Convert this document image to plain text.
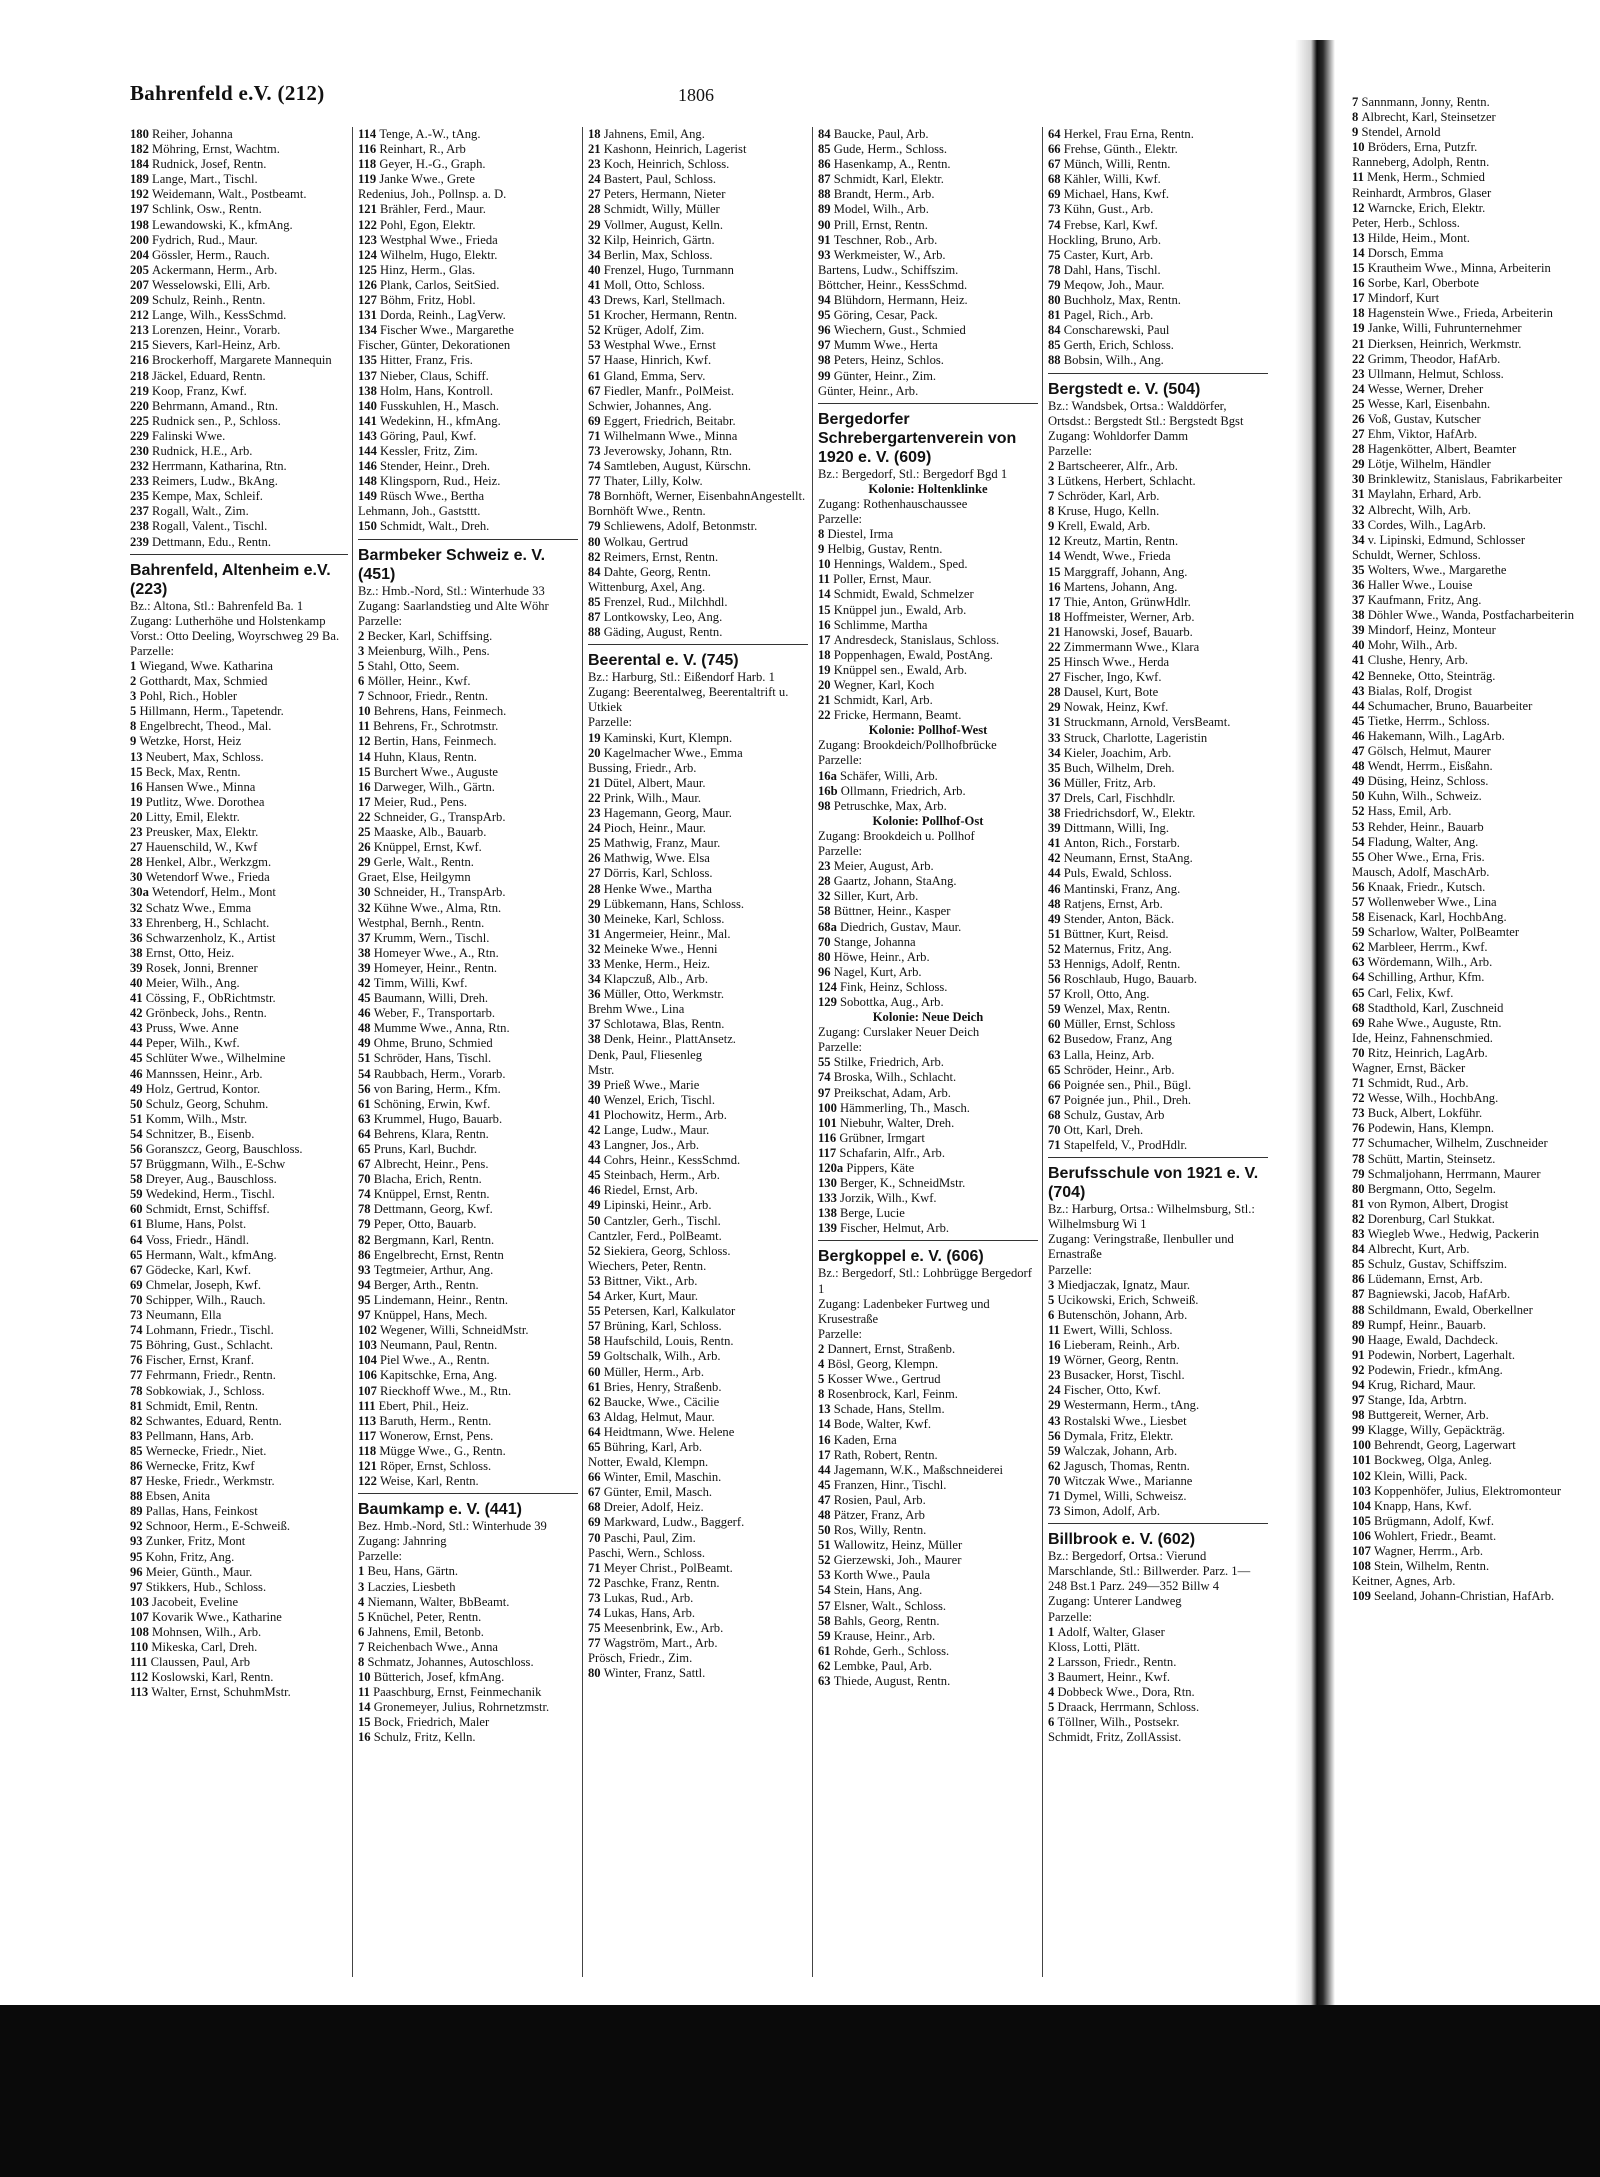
Bahrenfeld e.V. (212)	1806
180 Reiher, Johanna
182 Möhring, Ernst, Wachtm.
184 Rudnick, Josef, Rentn.
189 Lange, Mart., Tischl.
192 Weidemann, Walt., Postbeamt.
197 Schlink, Osw., Rentn.
198 Lewandowski, K., kfmAng.
200 Fydrich, Rud., Maur.
204 Gössler, Herm., Rauch.
205 Ackermann, Herm., Arb.
207 Wesselowski, Elli, Arb.
209 Schulz, Reinh., Rentn.
212 Lange, Wilh., KessSchmd.
213 Lorenzen, Heinr., Vorarb.
215 Sievers, Karl-Heinz, Arb.
216 Brockerhoff, Margarete Mannequin
218 Jäckel, Eduard, Rentn.
219 Koop, Franz, Kwf.
220 Behrmann, Amand., Rtn.
225 Rudnick sen., P., Schloss.
229 Falinski Wwe.
230 Rudnick, H.E., Arb.
232 Herrmann, Katharina, Rtn.
233 Reimers, Ludw., BkAng.
235 Kempe, Max, Schleif.
237 Rogall, Walt., Zim.
238 Rogall, Valent., Tischl.
239 Dettmann, Edu., Rentn.
Bahrenfeld, Altenheim e.V. (223)
Bz.: Altona, Stl.: Bahrenfeld Ba. 1
Zugang: Lutherhöhe und Holstenkamp
Vorst.: Otto Deeling, Woyrschweg 29 Ba.
Parzelle:
1 Wiegand, Wwe. Katharina
2 Gotthardt, Max, Schmied
3 Pohl, Rich., Hobler
5 Hillmann, Herm., Tapetendr.
8 Engelbrecht, Theod., Mal.
9 Wetzke, Horst, Heiz
13 Neubert, Max, Schloss.
15 Beck, Max, Rentn.
16 Hansen Wwe., Minna
19 Putlitz, Wwe. Dorothea
20 Litty, Emil, Elektr.
23 Preusker, Max, Elektr.
27 Hauenschild, W., Kwf
28 Henkel, Albr., Werkzgm.
30 Wetendorf Wwe., Frieda
30a Wetendorf, Helm., Mont
32 Schatz Wwe., Emma
33 Ehrenberg, H., Schlacht.
36 Schwarzenholz, K., Artist
38 Ernst, Otto, Heiz.
39 Rosek, Jonni, Brenner
40 Meier, Wilh., Ang.
41 Cössing, F., ObRichtmstr.
42 Grönbeck, Johs., Rentn.
43 Pruss, Wwe. Anne
44 Peper, Wilh., Kwf.
45 Schlüter Wwe., Wilhelmine
46 Mannssen, Heinr., Arb.
49 Holz, Gertrud, Kontor.
50 Schulz, Georg, Schuhm.
51 Komm, Wilh., Mstr.
54 Schnitzer, B., Eisenb.
56 Goranszcz, Georg, Bauschloss.
57 Brüggmann, Wilh., E-Schw
58 Dreyer, Aug., Bauschloss.
59 Wedekind, Herm., Tischl.
60 Schmidt, Ernst, Schiffsf.
61 Blume, Hans, Polst.
64 Voss, Friedr., Händl.
65 Hermann, Walt., kfmAng.
67 Gödecke, Karl, Kwf.
69 Chmelar, Joseph, Kwf.
70 Schipper, Wilh., Rauch.
73 Neumann, Ella
74 Lohmann, Friedr., Tischl.
75 Böhring, Gust., Schlacht.
76 Fischer, Ernst, Kranf.
77 Fehrmann, Friedr., Rentn.
78 Sobkowiak, J., Schloss.
81 Schmidt, Emil, Rentn.
82 Schwantes, Eduard, Rentn.
83 Pellmann, Hans, Arb.
85 Wernecke, Friedr., Niet.
86 Wernecke, Fritz, Kwf
87 Heske, Friedr., Werkmstr.
88 Ebsen, Anita
89 Pallas, Hans, Feinkost
92 Schnoor, Herm., E-Schweiß.
93 Zunker, Fritz, Mont
95 Kohn, Fritz, Ang.
96 Meier, Günth., Maur.
97 Stikkers, Hub., Schloss.
103 Jacobeit, Eveline
107 Kovarik Wwe., Katharine
108 Mohnsen, Wilh., Arb.
110 Mikeska, Carl, Dreh.
111 Claussen, Paul, Arb
112 Koslowski, Karl, Rentn.
113 Walter, Ernst, SchuhmMstr.
114 Tenge, A.-W., tAng.
116 Reinhart, R., Arb
118 Geyer, H.-G., Graph.
119 Janke Wwe., Grete
Redenius, Joh., Pollnsp. a. D.
121 Brähler, Ferd., Maur.
122 Pohl, Egon, Elektr.
123 Westphal Wwe., Frieda
124 Wilhelm, Hugo, Elektr.
125 Hinz, Herm., Glas.
126 Plank, Carlos, SeitSied.
127 Böhm, Fritz, Hobl.
131 Dorda, Reinh., LagVerw.
134 Fischer Wwe., Margarethe
Fischer, Günter, Dekorationen
135 Hitter, Franz, Fris.
137 Nieber, Claus, Schiff.
138 Holm, Hans, Kontroll.
140 Fusskuhlen, H., Masch.
141 Wedekinn, H., kfmAng.
143 Göring, Paul, Kwf.
144 Kessler, Fritz, Zim.
146 Stender, Heinr., Dreh.
148 Klingsporn, Rud., Heiz.
149 Rüsch Wwe., Bertha
Lehmann, Joh., Gaststtt.
150 Schmidt, Walt., Dreh.
Barmbeker Schweiz e. V. (451)
Bz.: Hmb.-Nord, Stl.: Winterhude 33
Zugang: Saarlandstieg und Alte Wöhr
Parzelle:
2 Becker, Karl, Schiffsing.
3 Meienburg, Wilh., Pens.
5 Stahl, Otto, Seem.
6 Möller, Heinr., Kwf.
7 Schnoor, Friedr., Rentn.
10 Behrens, Hans, Feinmech.
11 Behrens, Fr., Schrotmstr.
12 Bertin, Hans, Feinmech.
14 Huhn, Klaus, Rentn.
15 Burchert Wwe., Auguste
16 Darweger, Wilh., Gärtn.
17 Meier, Rud., Pens.
22 Schneider, G., TranspArb.
25 Maaske, Alb., Bauarb.
26 Knüppel, Ernst, Kwf.
29 Gerle, Walt., Rentn.
Graet, Else, Heilgymn
30 Schneider, H., TranspArb.
32 Kühne Wwe., Alma, Rtn.
Westphal, Bernh., Rentn.
37 Krumm, Wern., Tischl.
38 Homeyer Wwe., A., Rtn.
39 Homeyer, Heinr., Rentn.
42 Timm, Willi, Kwf.
45 Baumann, Willi, Dreh.
46 Weber, F., Transportarb.
48 Mumme Wwe., Anna, Rtn.
49 Ohme, Bruno, Schmied
51 Schröder, Hans, Tischl.
54 Raubbach, Herm., Vorarb.
56 von Baring, Herm., Kfm.
61 Schöning, Erwin, Kwf.
63 Krummel, Hugo, Bauarb.
64 Behrens, Klara, Rentn.
65 Pruns, Karl, Buchdr.
67 Albrecht, Heinr., Pens.
70 Blacha, Erich, Rentn.
74 Knüppel, Ernst, Rentn.
78 Dettmann, Georg, Kwf.
79 Peper, Otto, Bauarb.
82 Bergmann, Karl, Rentn.
86 Engelbrecht, Ernst, Rentn
93 Tegtmeier, Arthur, Ang.
94 Berger, Arth., Rentn.
95 Lindemann, Heinr., Rentn.
97 Knüppel, Hans, Mech.
102 Wegener, Willi, SchneidMstr.
103 Neumann, Paul, Rentn.
104 Piel Wwe., A., Rentn.
106 Kapitschke, Erna, Ang.
107 Rieckhoff Wwe., M., Rtn.
111 Ebert, Phil., Heiz.
113 Baruth, Herm., Rentn.
117 Wonerow, Ernst, Pens.
118 Mügge Wwe., G., Rentn.
121 Röper, Ernst, Schloss.
122 Weise, Karl, Rentn.
Baumkamp e. V. (441)
Bez. Hmb.-Nord, Stl.: Winterhude 39
Zugang: Jahnring
Parzelle:
1 Beu, Hans, Gärtn.
3 Laczies, Liesbeth
4 Niemann, Walter, BbBeamt.
5 Knüchel, Peter, Rentn.
6 Jahnens, Emil, Betonb.
7 Reichenbach Wwe., Anna
8 Schmatz, Johannes, Autoschloss.
10 Bütterich, Josef, kfmAng.
11 Paaschburg, Ernst, Feinmechanik
14 Gronemeyer, Julius, Rohrnetzmstr.
15 Bock, Friedrich, Maler
16 Schulz, Fritz, Kelln.
18 Jahnens, Emil, Ang.
21 Kashonn, Heinrich, Lagerist
23 Koch, Heinrich, Schloss.
24 Bastert, Paul, Schloss.
27 Peters, Hermann, Nieter
28 Schmidt, Willy, Müller
29 Vollmer, August, Kelln.
32 Kilp, Heinrich, Gärtn.
34 Berlin, Max, Schloss.
40 Frenzel, Hugo, Turnmann
41 Moll, Otto, Schloss.
43 Drews, Karl, Stellmach.
51 Krocher, Hermann, Rentn.
52 Krüger, Adolf, Zim.
53 Westphal Wwe., Ernst
57 Haase, Hinrich, Kwf.
61 Gland, Emma, Serv.
67 Fiedler, Manfr., PolMeist.
Schwier, Johannes, Ang.
69 Eggert, Friedrich, Beitabr.
71 Wilhelmann Wwe., Minna
73 Jeverowsky, Johann, Rtn.
74 Samtleben, August, Kürschn.
77 Thater, Lilly, Kolw.
78 Bornhöft, Werner, EisenbahnAngestellt.
Bornhöft Wwe., Rentn.
79 Schliewens, Adolf, Betonmstr.
80 Wolkau, Gertrud
82 Reimers, Ernst, Rentn.
84 Dahte, Georg, Rentn.
Wittenburg, Axel, Ang.
85 Frenzel, Rud., Milchhdl.
87 Lontkowsky, Leo, Ang.
88 Gäding, August, Rentn.
Beerental e. V. (745)
Bz.: Harburg, Stl.: Eißendorf Harb. 1
Zugang: Beerentalweg, Beerentaltrift u. Utkiek
Parzelle:
19 Kaminski, Kurt, Klempn.
20 Kagelmacher Wwe., Emma
Bussing, Friedr., Arb.
21 Dütel, Albert, Maur.
22 Prink, Wilh., Maur.
23 Hagemann, Georg, Maur.
24 Pioch, Heinr., Maur.
25 Mathwig, Franz, Maur.
26 Mathwig, Wwe. Elsa
27 Dörris, Karl, Schloss.
28 Henke Wwe., Martha
29 Lübkemann, Hans, Schloss.
30 Meineke, Karl, Schloss.
31 Angermeier, Heinr., Mal.
32 Meineke Wwe., Henni
33 Menke, Herm., Heiz.
34 Klapczuß, Alb., Arb.
36 Müller, Otto, Werkmstr.
Brehm Wwe., Lina
37 Schlotawa, Blas, Rentn.
38 Denk, Heinr., PlattAnsetz.
Denk, Paul, Fliesenleg
Mstr.
39 Prieß Wwe., Marie
40 Wenzel, Erich, Tischl.
41 Plochowitz, Herm., Arb.
42 Lange, Ludw., Maur.
43 Langner, Jos., Arb.
44 Cohrs, Heinr., KessSchmd.
45 Steinbach, Herm., Arb.
46 Riedel, Ernst, Arb.
49 Lipinski, Heinr., Arb.
50 Cantzler, Gerh., Tischl.
Cantzler, Ferd., PolBeamt.
52 Siekiera, Georg, Schloss.
Wiechers, Peter, Rentn.
53 Bittner, Vikt., Arb.
54 Arker, Kurt, Maur.
55 Petersen, Karl, Kalkulator
57 Brüning, Karl, Schloss.
58 Haufschild, Louis, Rentn.
59 Goltschalk, Wilh., Arb.
60 Müller, Herm., Arb.
61 Bries, Henry, Straßenb.
62 Baucke, Wwe., Cäcilie
63 Aldag, Helmut, Maur.
64 Heidtmann, Wwe. Helene
65 Bühring, Karl, Arb.
Notter, Ewald, Klempn.
66 Winter, Emil, Maschin.
67 Günter, Emil, Masch.
68 Dreier, Adolf, Heiz.
69 Markward, Ludw., Baggerf.
70 Paschi, Paul, Zim.
Paschi, Wern., Schloss.
71 Meyer Christ., PolBeamt.
72 Paschke, Franz, Rentn.
73 Lukas, Rud., Arb.
74 Lukas, Hans, Arb.
75 Meesenbrink, Ew., Arb.
77 Wagström, Mart., Arb.
Prösch, Friedr., Zim.
80 Winter, Franz, Sattl.
84 Baucke, Paul, Arb.
85 Gude, Herm., Schloss.
86 Hasenkamp, A., Rentn.
87 Schmidt, Karl, Elektr.
88 Brandt, Herm., Arb.
89 Model, Wilh., Arb.
90 Prill, Ernst, Rentn.
91 Teschner, Rob., Arb.
93 Werkmeister, W., Arb.
Bartens, Ludw., Schiffszim.
Böttcher, Heinr., KessSchmd.
94 Blühdorn, Hermann, Heiz.
95 Göring, Cesar, Pack.
96 Wiechern, Gust., Schmied
97 Mumm Wwe., Herta
98 Peters, Heinz, Schlos.
99 Günter, Heinr., Zim.
Günter, Heinr., Arb.
Bergedorfer Schrebergartenverein von 1920 e. V. (609)
Bz.: Bergedorf, Stl.: Bergedorf Bgd 1
Kolonie: Holtenklinke
Zugang: Rothenhauschaussee
Parzelle:
8 Diestel, Irma
9 Helbig, Gustav, Rentn.
10 Hennings, Waldem., Sped.
11 Poller, Ernst, Maur.
14 Schmidt, Ewald, Schmelzer
15 Knüppel jun., Ewald, Arb.
16 Schlimme, Martha
17 Andresdeck, Stanislaus, Schloss.
18 Poppenhagen, Ewald, PostAng.
19 Knüppel sen., Ewald, Arb.
20 Wegner, Karl, Koch
21 Schmidt, Karl, Arb.
22 Fricke, Hermann, Beamt.
Kolonie: Pollhof-West
Zugang: Brookdeich/Pollhofbrücke
Parzelle:
16a Schäfer, Willi, Arb.
16b Ollmann, Friedrich, Arb.
98 Petruschke, Max, Arb.
Kolonie: Pollhof-Ost
Zugang: Brookdeich u. Pollhof
Parzelle:
23 Meier, August, Arb.
28 Gaartz, Johann, StaAng.
32 Siller, Kurt, Arb.
58 Büttner, Heinr., Kasper
68a Diedrich, Gustav, Maur.
70 Stange, Johanna
80 Höwe, Heinr., Arb.
96 Nagel, Kurt, Arb.
124 Fink, Heinz, Schloss.
129 Sobottka, Aug., Arb.
Kolonie: Neue Deich
Zugang: Curslaker Neuer Deich
Parzelle:
55 Stilke, Friedrich, Arb.
74 Broska, Wilh., Schlacht.
97 Preikschat, Adam, Arb.
100 Hämmerling, Th., Masch.
101 Niebuhr, Walter, Dreh.
116 Grübner, Irmgart
117 Schafarin, Alfr., Arb.
120a Pippers, Käte
130 Berger, K., SchneidMstr.
133 Jorzik, Wilh., Kwf.
138 Berge, Lucie
139 Fischer, Helmut, Arb.
Bergkoppel e. V. (606)
Bz.: Bergedorf, Stl.: Lohbrügge Bergedorf 1
Zugang: Ladenbeker Furtweg und Krusestraße
Parzelle:
2 Dannert, Ernst, Straßenb.
4 Bösl, Georg, Klempn.
5 Kosser Wwe., Gertrud
8 Rosenbrock, Karl, Feinm.
13 Schade, Hans, Stellm.
14 Bode, Walter, Kwf.
16 Kaden, Erna
17 Rath, Robert, Rentn.
44 Jagemann, W.K., Maßschneiderei
45 Franzen, Hinr., Tischl.
47 Rosien, Paul, Arb.
48 Pätzer, Franz, Arb
50 Ros, Willy, Rentn.
51 Wallowitz, Heinz, Müller
52 Gierzewski, Joh., Maurer
53 Korth Wwe., Paula
54 Stein, Hans, Ang.
57 Elsner, Walt., Schloss.
58 Bahls, Georg, Rentn.
59 Krause, Heinr., Arb.
61 Rohde, Gerh., Schloss.
62 Lembke, Paul, Arb.
63 Thiede, August, Rentn.
64 Herkel, Frau Erna, Rentn.
66 Frehse, Günth., Elektr.
67 Münch, Willi, Rentn.
68 Kähler, Willi, Kwf.
69 Michael, Hans, Kwf.
73 Kühn, Gust., Arb.
74 Frebse, Karl, Kwf.
Hockling, Bruno, Arb.
75 Caster, Kurt, Arb.
78 Dahl, Hans, Tischl.
79 Meqow, Joh., Maur.
80 Buchholz, Max, Rentn.
81 Pagel, Rich., Arb.
84 Conscharewski, Paul
85 Gerth, Erich, Schloss.
88 Bobsin, Wilh., Ang.
Bergstedt e. V. (504)
Bz.: Wandsbek, Ortsa.: Walddörfer, Ortsdst.: Bergstedt Stl.: Bergstedt Bgst
Zugang: Wohldorfer Damm
Parzelle:
2 Bartscheerer, Alfr., Arb.
3 Lütkens, Herbert, Schlacht.
7 Schröder, Karl, Arb.
8 Kruse, Hugo, Kelln.
9 Krell, Ewald, Arb.
12 Kreutz, Martin, Rentn.
14 Wendt, Wwe., Frieda
15 Marggraff, Johann, Ang.
16 Martens, Johann, Ang.
17 Thie, Anton, GrünwHdlr.
18 Hoffmeister, Werner, Arb.
21 Hanowski, Josef, Bauarb.
22 Zimmermann Wwe., Klara
25 Hinsch Wwe., Herda
27 Fischer, Ingo, Kwf.
28 Dausel, Kurt, Bote
29 Nowak, Heinz, Kwf.
31 Struckmann, Arnold, VersBeamt.
33 Struck, Charlotte, Lageristin
34 Kieler, Joachim, Arb.
35 Buch, Wilhelm, Dreh.
36 Müller, Fritz, Arb.
37 Drels, Carl, Fischhdlr.
38 Friedrichsdorf, W., Elektr.
39 Dittmann, Willi, Ing.
41 Anton, Rich., Forstarb.
42 Neumann, Ernst, StaAng.
44 Puls, Ewald, Schloss.
46 Mantinski, Franz, Ang.
48 Ratjens, Ernst, Arb.
49 Stender, Anton, Bäck.
51 Büttner, Kurt, Reisd.
52 Maternus, Fritz, Ang.
53 Hennigs, Adolf, Rentn.
56 Roschlaub, Hugo, Bauarb.
57 Kroll, Otto, Ang.
59 Wenzel, Max, Rentn.
60 Müller, Ernst, Schloss
62 Busedow, Franz, Ang
63 Lalla, Heinz, Arb.
65 Schröder, Heinr., Arb.
66 Poignée sen., Phil., Bügl.
67 Poignée jun., Phil., Dreh.
68 Schulz, Gustav, Arb
70 Ott, Karl, Dreh.
71 Stapelfeld, V., ProdHdlr.
Berufsschule von 1921 e. V. (704)
Bz.: Harburg, Ortsa.: Wilhelmsburg, Stl.: Wilhelmsburg Wi 1
Zugang: Veringstraße, Ilenbuller und Ernastraße
Parzelle:
3 Miedjaczak, Ignatz, Maur.
5 Ucikowski, Erich, Schweiß.
6 Butenschön, Johann, Arb.
11 Ewert, Willi, Schloss.
16 Lieberam, Reinh., Arb.
19 Wörner, Georg, Rentn.
23 Busacker, Horst, Tischl.
24 Fischer, Otto, Kwf.
29 Westermann, Herm., tAng.
43 Rostalski Wwe., Liesbet
56 Dymala, Fritz, Elektr.
59 Walczak, Johann, Arb.
62 Jagusch, Thomas, Rentn.
70 Witczak Wwe., Marianne
71 Dymel, Willi, Schweisz.
73 Simon, Adolf, Arb.
Billbrook e. V. (602)
Bz.: Bergedorf, Ortsa.: Vierund Marschlande, Stl.: Billwerder. Parz. 1—248 Bst.1 Parz. 249—352 Billw 4
Zugang: Unterer Landweg
Parzelle:
1 Adolf, Walter, Glaser
Kloss, Lotti, Plätt.
2 Larsson, Friedr., Rentn.
3 Baumert, Heinr., Kwf.
4 Dobbeck Wwe., Dora, Rtn.
5 Draack, Herrmann, Schloss.
6 Töllner, Wilh., Postsekr.
Schmidt, Fritz, ZollAssist.
7 Sannmann, Jonny, Rentn.
8 Albrecht, Karl, Steinsetzer
9 Stendel, Arnold
10 Bröders, Erna, Putzfr.
Ranneberg, Adolph, Rentn.
11 Menk, Herm., Schmied
Reinhardt, Armbros, Glaser
12 Warncke, Erich, Elektr.
Peter, Herb., Schloss.
13 Hilde, Heim., Mont.
14 Dorsch, Emma
15 Krautheim Wwe., Minna, Arbeiterin
16 Sorbe, Karl, Oberbote
17 Mindorf, Kurt
18 Hagenstein Wwe., Frieda, Arbeiterin
19 Janke, Willi, Fuhrunternehmer
21 Dierksen, Heinrich, Werkmstr.
22 Grimm, Theodor, HafArb.
23 Ullmann, Helmut, Schloss.
24 Wesse, Werner, Dreher
25 Wesse, Karl, Eisenbahn.
26 Voß, Gustav, Kutscher
27 Ehm, Viktor, HafArb.
28 Hagenkötter, Albert, Beamter
29 Lötje, Wilhelm, Händler
30 Brinklewitz, Stanislaus, Fabrikarbeiter
31 Maylahn, Erhard, Arb.
32 Albrecht, Wilh, Arb.
33 Cordes, Wilh., LagArb.
34 v. Lipinski, Edmund, Schlosser
Schuldt, Werner, Schloss.
35 Wolters, Wwe., Margarethe
36 Haller Wwe., Louise
37 Kaufmann, Fritz, Ang.
38 Döhler Wwe., Wanda, Postfacharbeiterin
39 Mindorf, Heinz, Monteur
40 Mohr, Wilh., Arb.
41 Clushe, Henry, Arb.
42 Benneke, Otto, Steinträg.
43 Bialas, Rolf, Drogist
44 Schumacher, Bruno, Bauarbeiter
45 Tietke, Herrm., Schloss.
46 Hakemann, Wilh., LagArb.
47 Gölsch, Helmut, Maurer
48 Wendt, Herrm., Eisßahn.
49 Düsing, Heinz, Schloss.
50 Kuhn, Wilh., Schweiz.
52 Hass, Emil, Arb.
53 Rehder, Heinr., Bauarb
54 Fladung, Walter, Ang.
55 Oher Wwe., Erna, Fris.
Mausch, Adolf, MaschArb.
56 Knaak, Friedr., Kutsch.
57 Wollenweber Wwe., Lina
58 Eisenack, Karl, HochbAng.
59 Scharlow, Walter, PolBeamter
62 Marbleer, Herrm., Kwf.
63 Wördemann, Wilh., Arb.
64 Schilling, Arthur, Kfm.
65 Carl, Felix, Kwf.
68 Stadthold, Karl, Zuschneid
69 Rahe Wwe., Auguste, Rtn.
Ide, Heinz, Fahnenschmied.
70 Ritz, Heinrich, LagArb.
Wagner, Ernst, Bäcker
71 Schmidt, Rud., Arb.
72 Wesse, Wilh., HochbAng.
73 Buck, Albert, Lokführ.
76 Podewin, Hans, Klempn.
77 Schumacher, Wilhelm, Zuschneider
78 Schütt, Martin, Steinsetz.
79 Schmaljohann, Herrmann, Maurer
80 Bergmann, Otto, Segelm.
81 von Rymon, Albert, Drogist
82 Dorenburg, Carl Stukkat.
83 Wiegleb Wwe., Hedwig, Packerin
84 Albrecht, Kurt, Arb.
85 Schulz, Gustav, Schiffszim.
86 Lüdemann, Ernst, Arb.
87 Bagniewski, Jacob, HafArb.
88 Schildmann, Ewald, Oberkellner
89 Rumpf, Heinr., Bauarb.
90 Haage, Ewald, Dachdeck.
91 Podewin, Norbert, Lagerhalt.
92 Podewin, Friedr., kfmAng.
94 Krug, Richard, Maur.
97 Stange, Ida, Arbtrn.
98 Buttgereit, Werner, Arb.
99 Klagge, Willy, Gepäckträg.
100 Behrendt, Georg, Lagerwart
101 Bockweg, Olga, Anleg.
102 Klein, Willi, Pack.
103 Koppenhöfer, Julius, Elektromonteur
104 Knapp, Hans, Kwf.
105 Brügmann, Adolf, Kwf.
106 Wohlert, Friedr., Beamt.
107 Wagner, Herrm., Arb.
108 Stein, Wilhelm, Rentn.
Keitner, Agnes, Arb.
109 Seeland, Johann-Christian, HafArb.
